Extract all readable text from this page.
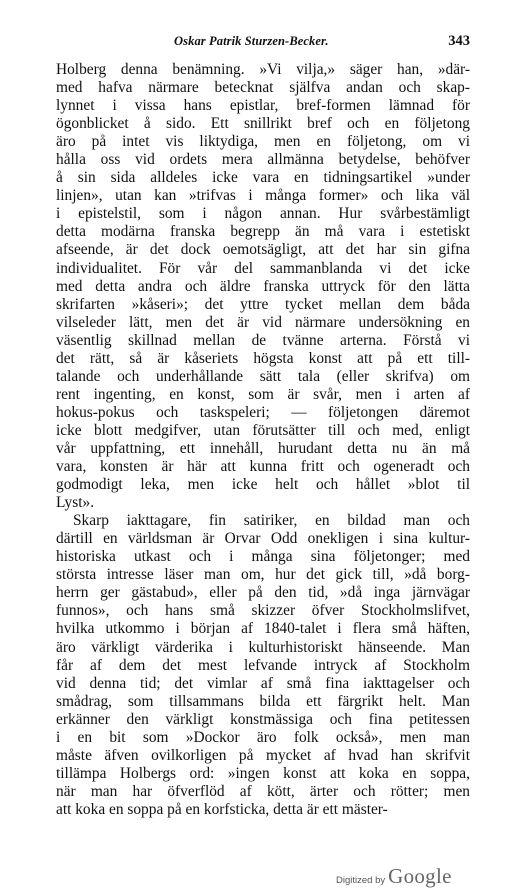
Oskar Patrik Sturzen-Becker.	343
Holberg denna benämning. »Vi vilja,» säger han, »där-
med hafva närmare betecknat själfva andan och skap-
lynnet i vissa hans epistlar, bref-formen lämnad för
ögonblicket å sido. Ett snillrikt bref och en följetong
äro på intet vis liktydiga, men en följetong, om vi
hålla oss vid ordets mera allmänna betydelse, behöfver
å sin sida alldeles icke vara en tidningsartikel »under
linjen», utan kan »trifvas i många former» och lika väl
i epistelstil, som i någon annan. Hur svårbestämligt
detta modärna franska begrepp än må vara i estetiskt
afseende, är det dock oemotsägligt, att det har sin gifna
individualitet. För vår del sammanblanda vi det icke
med detta andra och äldre franska uttryck för den lätta
skrifarten »kåseri»; det yttre tycket mellan dem båda
vilseleder lätt, men det är vid närmare undersökning en
väsentlig skillnad mellan de tvänne arterna. Förstå vi
det rätt, så är kåseriets högsta konst att på ett till-
talande och underhållande sätt tala (eller skrifva) om
rent ingenting, en konst, som är svår, men i arten af
hokus-pokus och taskspeleri; — följetongen däremot
icke blott medgifver, utan förutsätter till och med, enligt
vår uppfattning, ett innehåll, hurudant detta nu än må
vara, konsten är här att kunna fritt och ogeneradt och
godmodigt leka, men icke helt och hållet »blot til
Lyst».
Skarp iakttagare, fin satiriker, en bildad man och
därtill en världsman är Orvar Odd onekligen i sina kultur-
historiska utkast och i många sina följetonger; med
största intresse läser man om, hur det gick till, »då borg-
herrn ger gästabud», eller på den tid, »då inga järnvägar
funnos», och hans små skizzer öfver Stockholmslifvet,
hvilka utkommo i början af 1840-talet i flera små häften,
äro värkligt värderika i kulturhistoriskt hänseende. Man
får af dem det mest lefvande intryck af Stockholm
vid denna tid; det vimlar af små fina iakttagelser och
smådrag, som tillsammans bilda ett färgrikt helt. Man
erkänner den värkligt konstmässiga och fina petitessen
i en bit som »Dockor äro folk också», men man
måste äfven ovilkorligen på mycket af hvad han skrifvit
tillämpa Holbergs ord: »ingen konst att koka en soppa,
när man har öfverflöd af kött, ärter och rötter; men
att koka en soppa på en korfsticka, detta är ett mäster-
Digitized by Google
